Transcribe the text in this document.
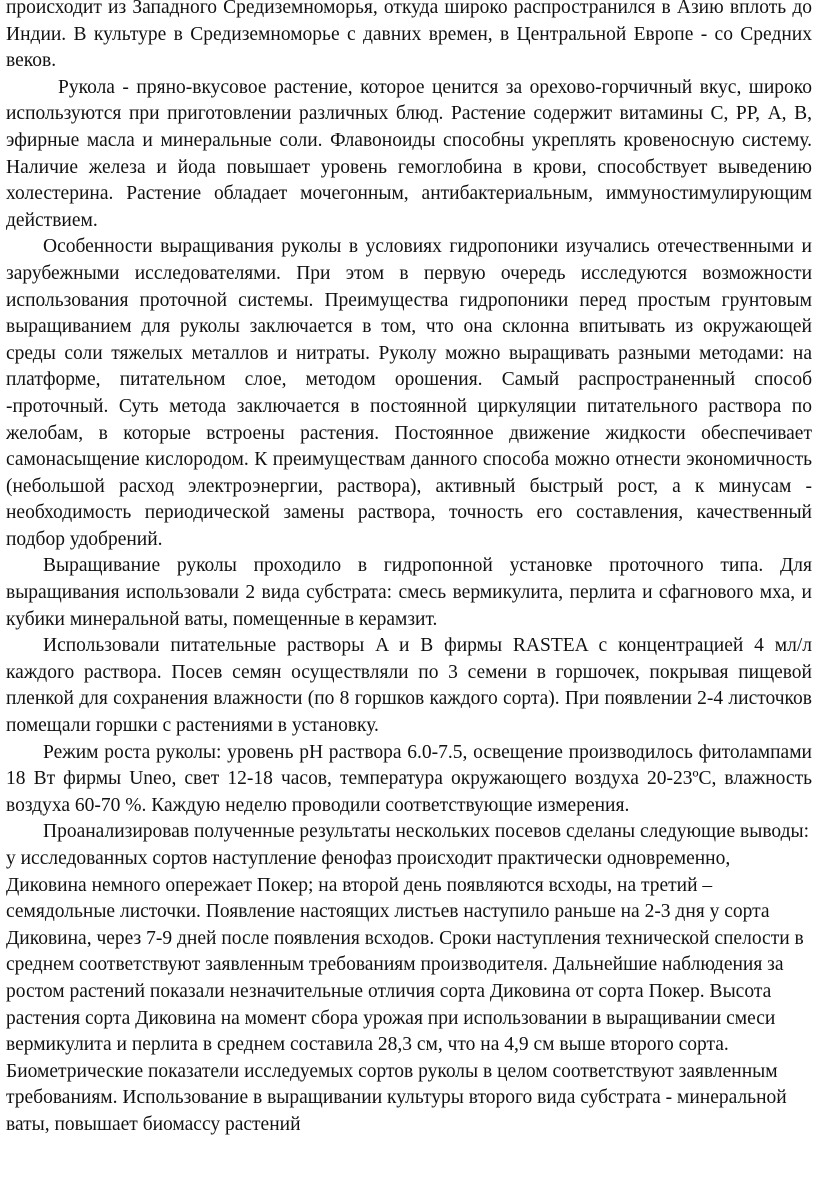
происходит из Западного Средиземноморья, откуда широко распространился в Азию вплоть до Индии. В культуре в Средиземноморье с давних времен, в Центральной Европе - со Средних веков.

Рукола - пряно-вкусовое растение, которое ценится за орехово-горчичный вкус, широко используются при приготовлении различных блюд. Растение содержит витамины С, РР, А, В, эфирные масла и минеральные соли. Флавоноиды способны укреплять кровеносную систему. Наличие железа и йода повышает уровень гемоглобина в крови, способствует выведению холестерина. Растение обладает мочегонным, антибактериальным, иммуностимулирующим действием.

Особенности выращивания руколы в условиях гидропоники изучались отечественными и зарубежными исследователями. При этом в первую очередь исследуются возможности использования проточной системы. Преимущества гидропоники перед простым грунтовым выращиванием для руколы заключается в том, что она склонна впитывать из окружающей среды соли тяжелых металлов и нитраты. Руколу можно выращивать разными методами: на платформе, питательном слое, методом орошения. Самый распространенный способ -проточный. Суть метода заключается в постоянной циркуляции питательного раствора по желобам, в которые встроены растения. Постоянное движение жидкости обеспечивает самонасыщение кислородом. К преимуществам данного способа можно отнести экономичность (небольшой расход электроэнергии, раствора), активный быстрый рост, а к минусам - необходимость периодической замены раствора, точность его составления, качественный подбор удобрений.

Выращивание руколы проходило в гидропонной установке проточного типа. Для выращивания использовали 2 вида субстрата: смесь вермикулита, перлита и сфагнового мха, и кубики минеральной ваты, помещенные в керамзит.

Использовали питательные растворы A и B фирмы RASTEA с концентрацией 4 мл/л каждого раствора. Посев семян осуществляли по 3 семени в горшочек, покрывая пищевой пленкой для сохранения влажности (по 8 горшков каждого сорта). При появлении 2-4 листочков помещали горшки с растениями в установку.

Режим роста руколы: уровень pH раствора 6.0-7.5, освещение производилось фитолампами 18 Вт фирмы Uneo, свет 12-18 часов, температура окружающего воздуха 20-23ºС, влажность воздуха 60-70 %. Каждую неделю проводили соответствующие измерения.

Проанализировав полученные результаты нескольких посевов сделаны следующие выводы: у исследованных сортов наступление фенофаз происходит практически одновременно, Диковина немного опережает Покер; на второй день появляются всходы, на третий – семядольные листочки. Появление настоящих листьев наступило раньше на 2-3 дня у сорта Диковина, через 7-9 дней после появления всходов. Сроки наступления технической спелости в среднем соответствуют заявленным требованиям производителя. Дальнейшие наблюдения за ростом растений показали незначительные отличия сорта Диковина от сорта Покер. Высота растения сорта Диковина на момент сбора урожая при использовании в выращивании смеси вермикулита и перлита в среднем составила 28,3 см, что на 4,9 см выше второго сорта. Биометрические показатели исследуемых сортов руколы в целом соответствуют заявленным требованиям. Использование в выращивании культуры второго вида субстрата - минеральной ваты, повышает биомассу растений
